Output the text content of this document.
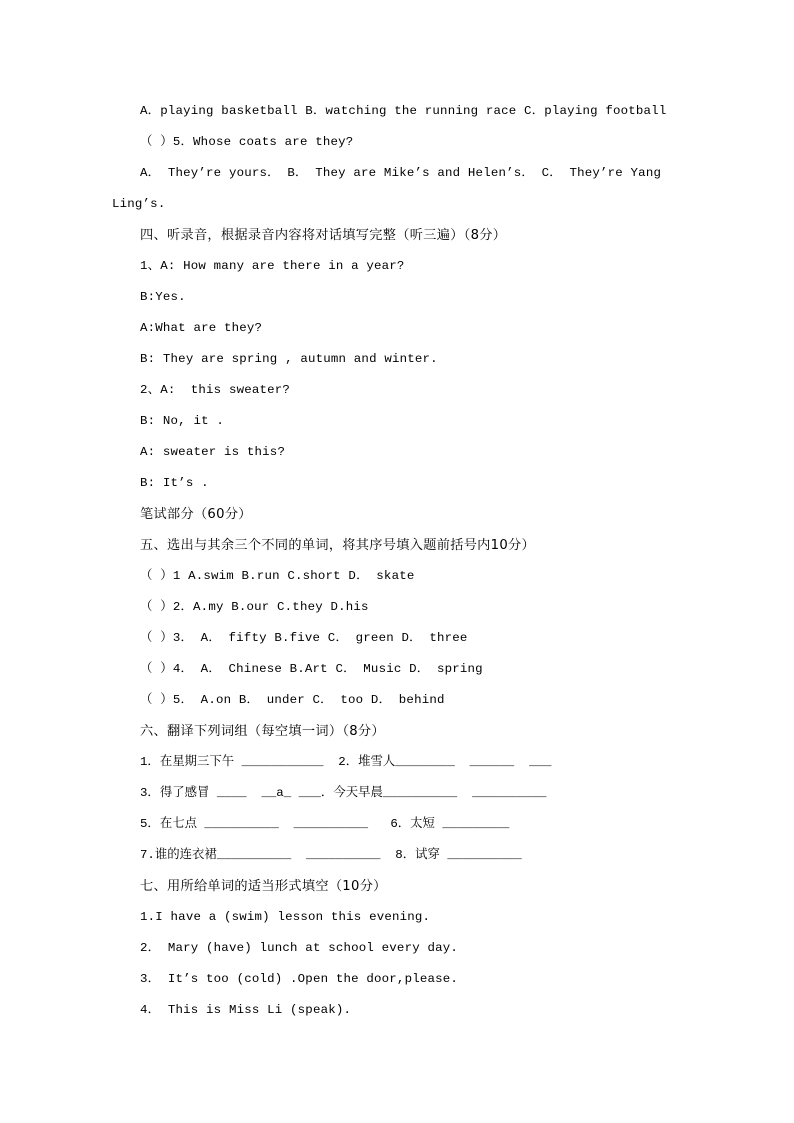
A．playing basketball B．watching the running race C．playing football
（ ）5．Whose coats are they?
A． They’re yours． B． They are Mike’s and Helen’s． C． They’re Yang
Ling’s.
四、听录音，根据录音内容将对话填写完整（听三遍）（8分）
1、A: How many are there in a year?
B:Yes.
A:What are they?
B: They are spring , autumn and winter.
2、A:  this sweater?
B: No, it .
A: sweater is this?
B: It’s .
笔试部分（60分）
五、选出与其余三个不同的单词，将其序号填入题前括号内10分）
（ ）1 A.swim B.run C.short D． skate
（ ）2．A.my B.our C.they D.his
（ ）3． A． fifty B.five C． green D． three
（ ）4． A． Chinese B.Art C． Music D． spring
（ ）5． A.on B． under C． too D． behind
六、翻译下列词组（每空填一词）（8分）
1．在星期三下午 ___________  2．堆雪人________  ______  ___
3．得了感冒 ____  __a_ ___．今天早晨__________  __________
5．在七点 __________  __________   6．太短 _________
7.谁的连衣裙__________  __________  8．试穿 __________
七、用所给单词的适当形式填空（10分）
1.I have a (swim) lesson this evening.
2． Mary (have) lunch at school every day.
3． It’s too (cold) .Open the door,please.
4． This is Miss Li (speak).
